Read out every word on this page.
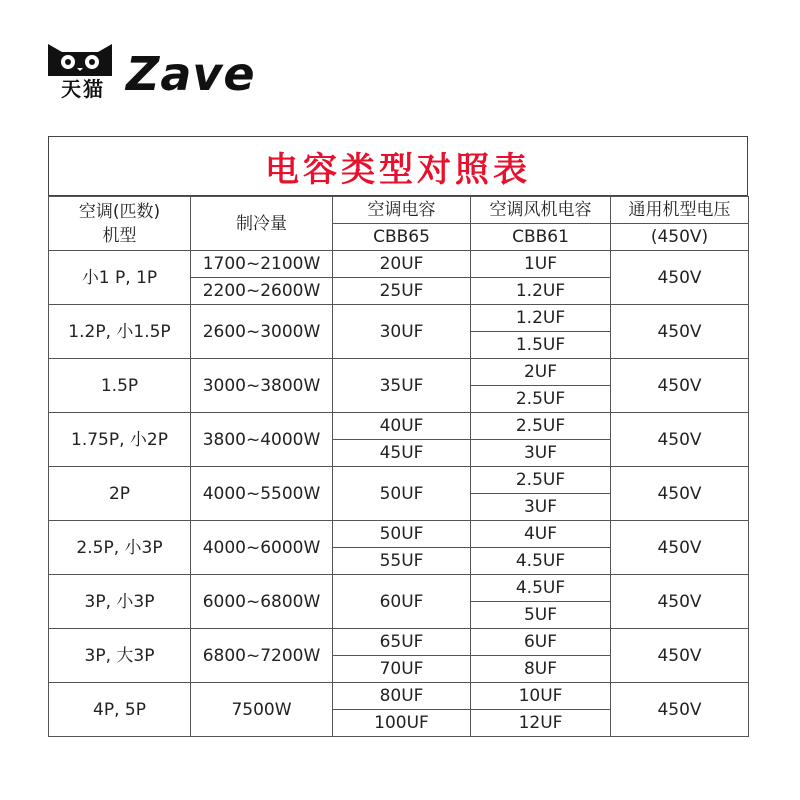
天猫 Zave
电容类型对照表
空调(匹数)
机型	制冷量	空调电容	空调风机电容	通用机型电压
		CBB65	CBB61	(450V)
小1 P, 1P	1700~2100W	20UF	1UF	450V
	2200~2600W	25UF	1.2UF	
1.2P, 小1.5P	2600~3000W	30UF	1.2UF	450V
			1.5UF	
1.5P	3000~3800W	35UF	2UF	450V
			2.5UF	
1.75P, 小2P	3800~4000W	40UF	2.5UF	450V
		45UF	3UF	
2P	4000~5500W	50UF	2.5UF	450V
			3UF	
2.5P, 小3P	4000~6000W	50UF	4UF	450V
		55UF	4.5UF	
3P, 小3P	6000~6800W	60UF	4.5UF	450V
			5UF	
3P, 大3P	6800~7200W	65UF	6UF	450V
		70UF	8UF	
4P, 5P	7500W	80UF	10UF	450V
		100UF	12UF	
